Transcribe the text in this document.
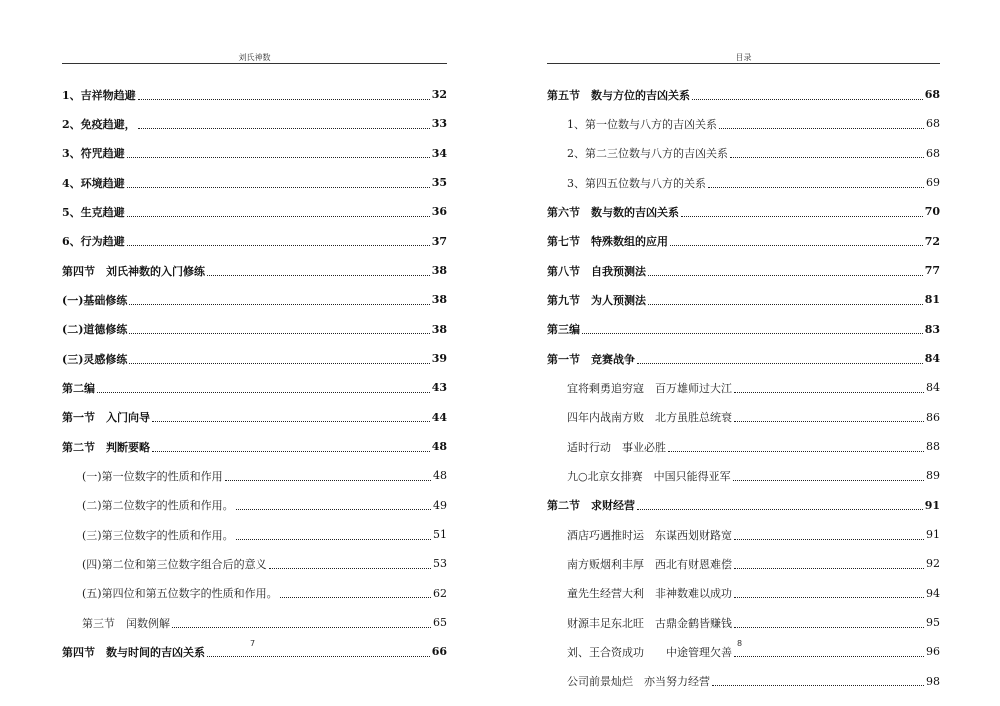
刘氏神数
1、吉祥物趋避	32
2、免疫趋避，	33
3、符咒趋避	34
4、环境趋避	35
5、生克趋避	36
6、行为趋避	37
第四节　刘氏神数的入门修练	38
(一)基础修练	38
(二)道德修练	38
(三)灵感修练	39
第二编	43
第一节　入门向导	44
第二节　判断要略	48
(一)第一位数字的性质和作用	48
(二)第二位数字的性质和作用。	49
(三)第三位数字的性质和作用。	51
(四)第二位和第三位数字组合后的意义	53
(五)第四位和第五位数字的性质和作用。	62
第三节　闰数例解	65
第四节　数与时间的吉凶关系	66
7
目录
第五节　数与方位的吉凶关系	68
1、第一位数与八方的吉凶关系	68
2、第二三位数与八方的吉凶关系	68
3、第四五位数与八方的关系	69
第六节　数与数的吉凶关系	70
第七节　特殊数组的应用	72
第八节　自我预测法	77
第九节　为人预测法	81
第三编	83
第一节　竞赛战争	84
宜将剩勇追穷寇　百万雄师过大江	84
四年内战南方败　北方虽胜总统衰	86
适时行动　事业必胜	88
九○北京女排赛　中国只能得亚军	89
第二节　求财经营	91
酒店巧遇推时运　东谋西划财路宽	91
南方贩烟利丰厚　西北有财恩难偿	92
童先生经营大利　非神数难以成功	94
财源丰足东北旺　古鼎金鹤皆赚钱	95
刘、王合资成功　　中途管理欠善	96
公司前景灿烂　亦当努力经营	98
8
